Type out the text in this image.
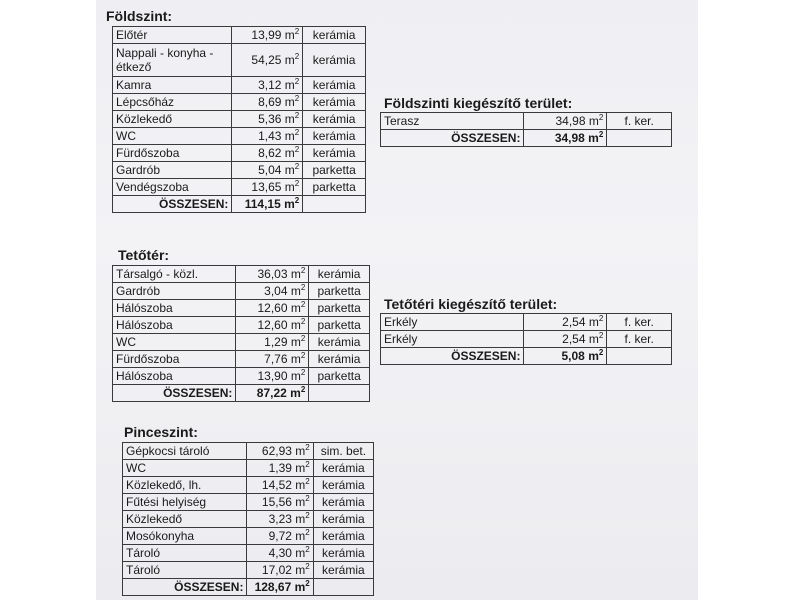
Földszint:
Előtér	13,99 $m^2$	kerámia
Nappali - konyha - étkező	54,25 $m^2$	kerámia
Kamra	3,12 $m^2$	kerámia
Lépcsőház	8,69 $m^2$	kerámia
Közlekedő	5,36 $m^2$	kerámia
WC	1,43 $m^2$	kerámia
Fürdőszoba	8,62 $m^2$	kerámia
Gardrób	5,04 $m^2$	parketta
Vendégszoba	13,65 $m^2$	parketta
ÖSSZESEN:	114,15 $m^2$	
Földszinti kiegészítő terület:
Terasz	34,98 $m^2$	f. ker.
ÖSSZESEN:	34,98 $m^2$	
Tetőtér:
Társalgó - közl.	36,03 $m^2$	kerámia
Gardrób	3,04 $m^2$	parketta
Hálószoba	12,60 $m^2$	parketta
Hálószoba	12,60 $m^2$	parketta
WC	1,29 $m^2$	kerámia
Fürdőszoba	7,76 $m^2$	kerámia
Hálószoba	13,90 $m^2$	parketta
ÖSSZESEN:	87,22 $m^2$	
Tetőtéri kiegészítő terület:
Erkély	2,54 $m^2$	f. ker.
Erkély	2,54 $m^2$	f. ker.
ÖSSZESEN:	5,08 $m^2$	
Pinceszint:
Gépkocsi tároló	62,93 $m^2$	sim. bet.
WC	1,39 $m^2$	kerámia
Közlekedő, lh.	14,52 $m^2$	kerámia
Fűtési helyiség	15,56 $m^2$	kerámia
Közlekedő	3,23 $m^2$	kerámia
Mosókonyha	9,72 $m^2$	kerámia
Tároló	4,30 $m^2$	kerámia
Tároló	17,02 $m^2$	kerámia
ÖSSZESEN:	128,67 $m^2$	
